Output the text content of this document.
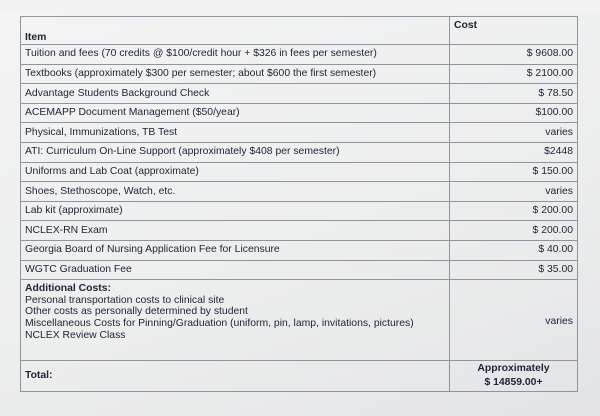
Item	Cost
Tuition and fees (70 credits @ $100/credit hour + $326 in fees per semester)	$ 9608.00
Textbooks (approximately $300 per semester; about $600 the first semester)	$ 2100.00
Advantage Students Background Check	$ 78.50
ACEMAPP Document Management ($50/year)	$100.00
Physical, Immunizations, TB Test	varies
ATI: Curriculum On-Line Support (approximately $408 per semester)	$2448
Uniforms and Lab Coat (approximate)	$ 150.00
Shoes, Stethoscope, Watch, etc.	varies
Lab kit (approximate)	$ 200.00
NCLEX-RN Exam	$ 200.00
Georgia Board of Nursing Application Fee for Licensure	$ 40.00
WGTC Graduation Fee	$ 35.00

Additional Costs:
Personal transportation costs to clinical site
Other costs as personally determined by student
Miscellaneous Costs for Pinning/Graduation (uniform, pin, lamp, invitations, pictures)
NCLEX Review Class	varies
Total:	Approximately
$ 14859.00+
